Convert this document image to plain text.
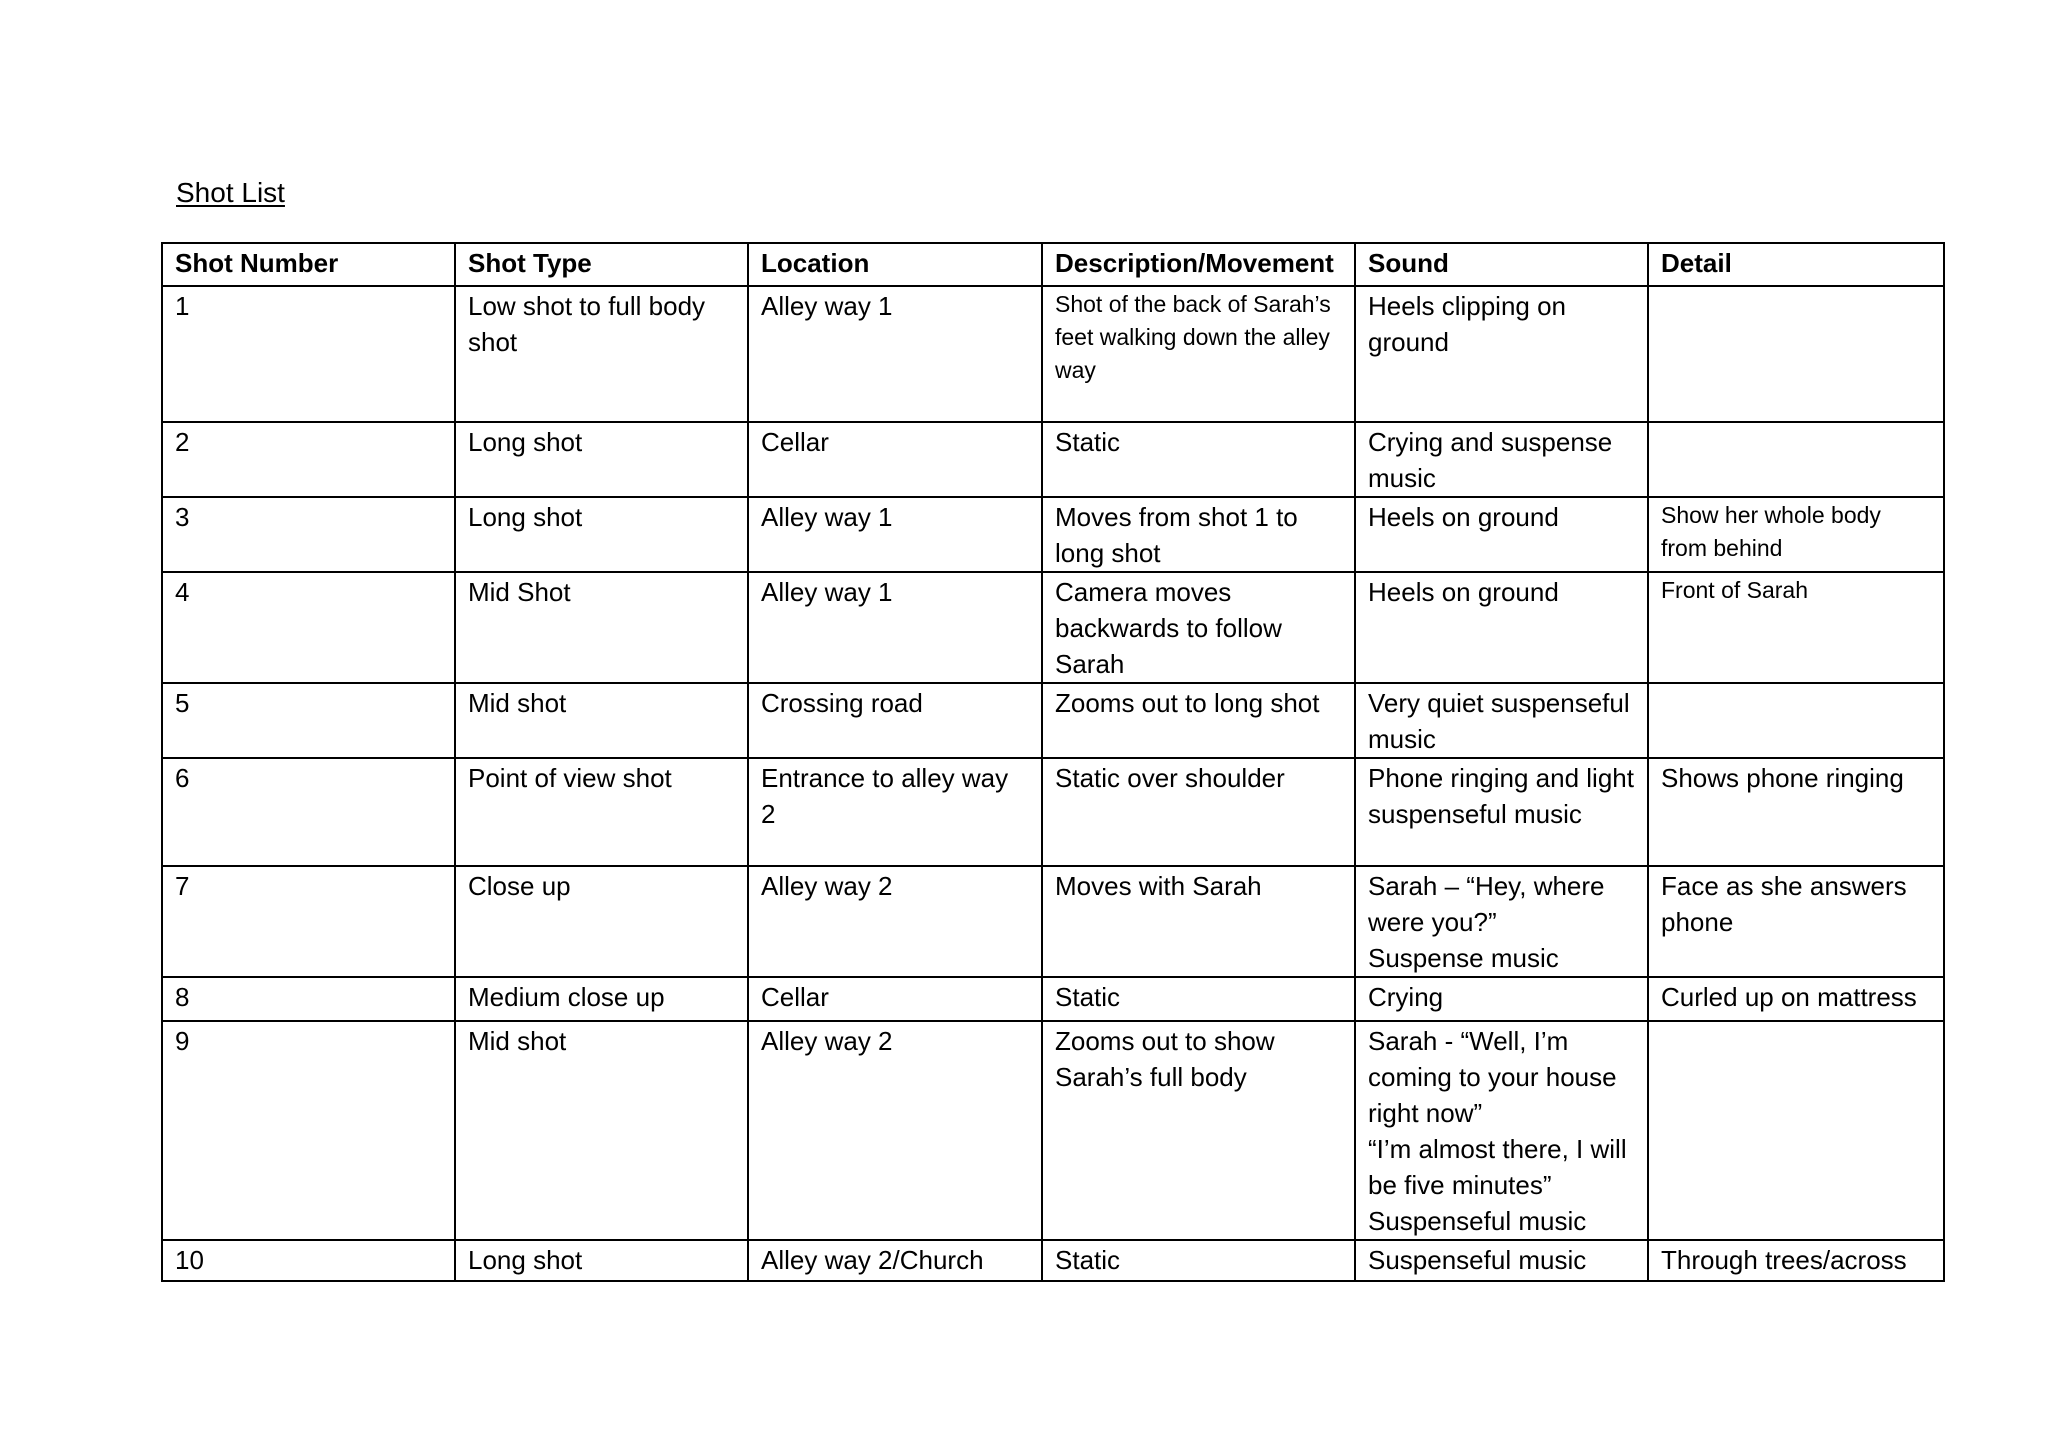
Shot List
Shot Number	Shot Type	Location	Description/Movement	Sound	Detail
1	Low shot to full body shot	Alley way 1	Shot of the back of Sarah’s feet walking down the alley way	Heels clipping on ground	
2	Long shot	Cellar	Static	Crying and suspense music	
3	Long shot	Alley way 1	Moves from shot 1 to long shot	Heels on ground	Show her whole body from behind
4	Mid Shot	Alley way 1	Camera moves backwards to follow Sarah	Heels on ground	Front of Sarah
5	Mid shot	Crossing road	Zooms out to long shot	Very quiet suspenseful music	
6	Point of view shot	Entrance to alley way 2	Static over shoulder	Phone ringing and light suspenseful music	Shows phone ringing
7	Close up	Alley way 2	Moves with Sarah	Sarah – “Hey, where were you?”
Suspense music	Face as she answers phone
8	Medium close up	Cellar	Static	Crying	Curled up on mattress
9	Mid shot	Alley way 2	Zooms out to show Sarah’s full body	Sarah - “Well, I’m coming to your house right now”
“I’m almost there, I will be five minutes”
Suspenseful music	
10	Long shot	Alley way 2/Church	Static	Suspenseful music	Through trees/across
